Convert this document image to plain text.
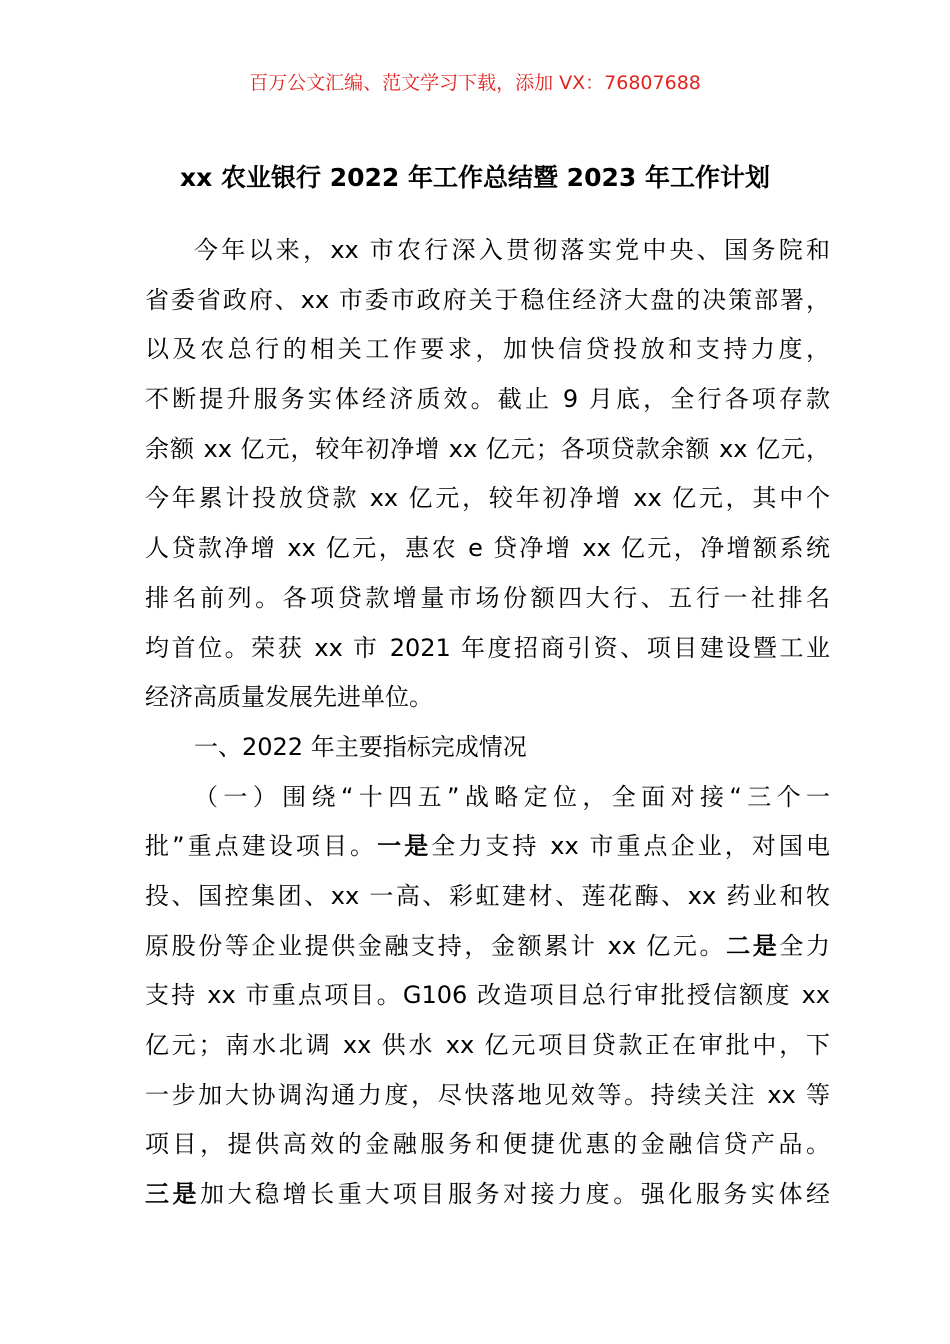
百万公文汇编、范文学习下载，添加 VX：76807688
xx 农业银行 2022 年工作总结暨 2023 年工作计划
今年以来，xx 市农行深入贯彻落实党中央、国务院和
省委省政府、xx 市委市政府关于稳住经济大盘的决策部署，
以及农总行的相关工作要求，加快信贷投放和支持力度，
不断提升服务实体经济质效。截止 9 月底，全行各项存款
余额 xx 亿元，较年初净增 xx 亿元；各项贷款余额 xx 亿元，
今年累计投放贷款 xx 亿元，较年初净增 xx 亿元，其中个
人贷款净增 xx 亿元，惠农 e 贷净增 xx 亿元，净增额系统
排名前列。各项贷款增量市场份额四大行、五行一社排名
均首位。荣获 xx 市 2021 年度招商引资、项目建设暨工业
经济高质量发展先进单位。
一、2022 年主要指标完成情况
（一）围绕“十四五”战略定位，全面对接“三个一
批”重点建设项目。一是全力支持 xx 市重点企业，对国电
投、国控集团、xx 一高、彩虹建材、莲花酶、xx 药业和牧
原股份等企业提供金融支持，金额累计 xx 亿元。二是全力
支持 xx 市重点项目。G106 改造项目总行审批授信额度 xx
亿元；南水北调 xx 供水 xx 亿元项目贷款正在审批中，下
一步加大协调沟通力度，尽快落地见效等。持续关注 xx 等
项目，提供高效的金融服务和便捷优惠的金融信贷产品。
三是加大稳增长重大项目服务对接力度。强化服务实体经
